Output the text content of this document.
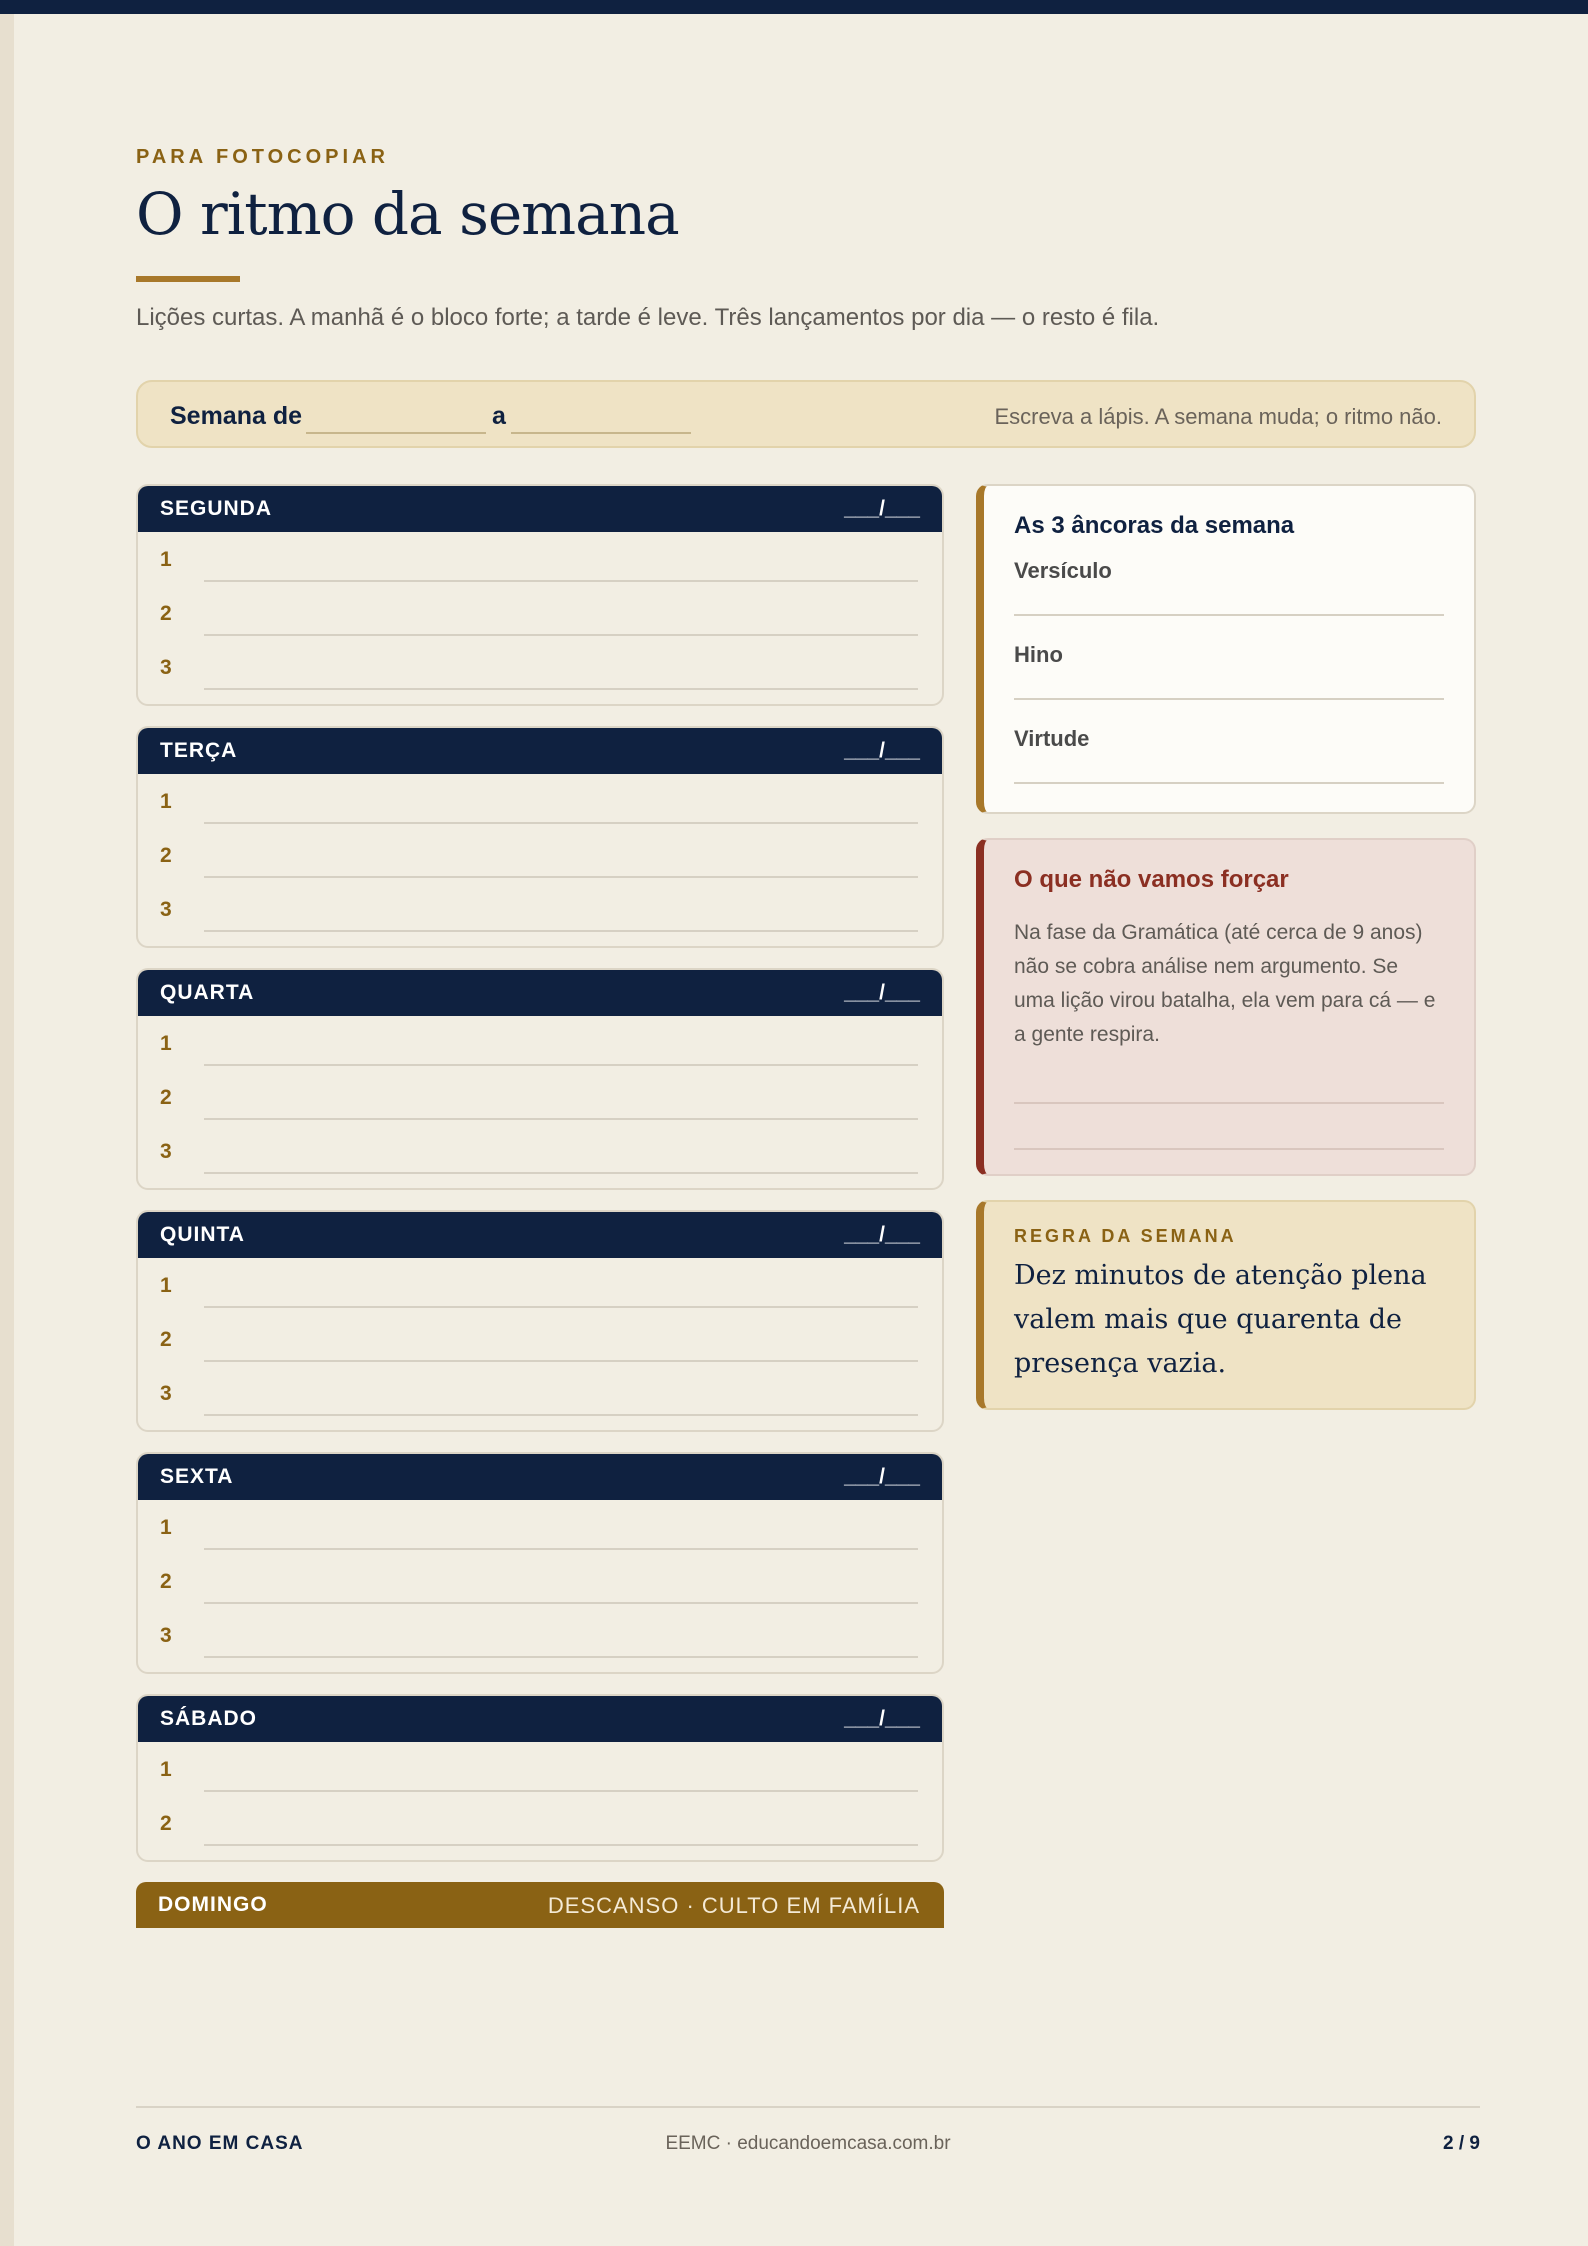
PARA FOTOCOPIAR
O ritmo da semana
Lições curtas. A manhã é o bloco forte; a tarde é leve. Três lançamentos por dia — o resto é fila.
Semana de	a	Escreva a lápis. A semana muda; o ritmo não.
SEGUNDA	___/___
1
2
3
TERÇA	___/___
1
2
3
QUARTA	___/___
1
2
3
QUINTA	___/___
1
2
3
SEXTA	___/___
1
2
3
SÁBADO	___/___
1
2
DOMINGO	DESCANSO · CULTO EM FAMÍLIA
As 3 âncoras da semana
Versículo
Hino
Virtude
O que não vamos forçar
Na fase da Gramática (até cerca de 9 anos) não se cobra análise nem argumento. Se uma lição virou batalha, ela vem para cá — e a gente respira.
REGRA DA SEMANA
Dez minutos de atenção plena valem mais que quarenta de presença vazia.
O ANO EM CASA	EEMC · educandoemcasa.com.br	2 / 9
